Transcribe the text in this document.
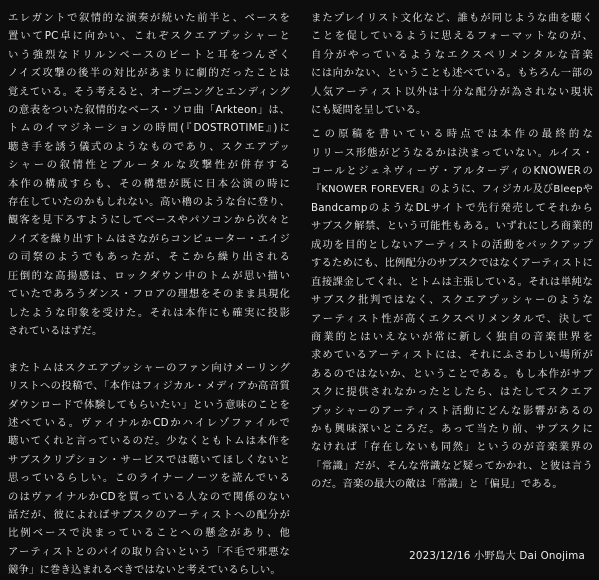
エレガントで叙情的な演奏が続いた前半と、ベースを
置いてPC卓に向かい、これぞスクエアプッシャーと
いう強烈なドリルンベースのビートと耳をつんざく
ノイズ攻撃の後半の対比があまりに劇的だったことは
覚えている。そう考えると、オープニングとエンディング
の意表をついた叙情的なベース・ソロ曲「Arkteon」は、
トムのイマジネーションの時間(『DOSTROTIME』)に
聴き手を誘う儀式のようなものであり、スクエアプッ
シャーの叙情性とブルータルな攻撃性が併存する
本作の構成すらも、その構想が既に日本公演の時に
存在していたのかもしれない。高い櫓のような台に登り、
観客を見下ろすようにしてベースやパソコンから次々と
ノイズを繰り出すトムはさながらコンピューター・エイジ
の司祭のようでもあったが、そこから繰り出される
圧倒的な高揚感は、ロックダウン中のトムが思い描い
ていたであろうダンス・フロアの理想をそのまま具現化
したような印象を受けた。それは本作にも確実に投影
されているはずだ。
またトムはスクエアプッシャーのファン向けメーリング
リストへの投稿で、「本作はフィジカル・メディアか高音質
ダウンロードで体験してもらいたい」という意味のことを
述べている。ヴァイナルかCDかハイレゾファイルで
聴いてくれと言っているのだ。少なくともトムは本作を
サブスクリプション・サービスでは聴いてほしくないと
思っているらしい。このライナーノーツを読んでいる
のはヴァイナルかCDを買っている人なので関係のない
話だが、彼によればサブスクのアーティストへの配分が
比例ベースで決まっていることへの懸念があり、他
アーティストとのパイの取り合いという「不毛で邪悪な
競争」に巻き込まれるべきではないと考えているらしい。
またプレイリスト文化など、誰もが同じような曲を聴く
ことを促しているように思えるフォーマットなのが、
自分がやっているようなエクスペリメンタルな音楽
には向かない、ということも述べている。もちろん一部の
人気アーティスト以外は十分な配分が為されない現状
にも疑問を呈している。
この原稿を書いている時点では本作の最終的な
リリース形態がどうなるかは決まっていない。ルイス・
コールとジェネヴィーヴ・アルターディのKNOWERの
『KNOWER FOREVER』のように、フィジカル及びBleepや
BandcampのようなDLサイトで先行発売してそれから
サブスク解禁、という可能性もある。いずれにしろ商業的
成功を目的としないアーティストの活動をバックアップ
するためにも、比例配分のサブスクではなくアーティストに
直接課金してくれ、とトムは主張している。それは単純な
サブスク批判ではなく、スクエアプッシャーのような
アーティスト性が高くエクスペリメンタルで、決して
商業的とはいえないが常に新しく独自の音楽世界を
求めているアーティストには、それにふさわしい場所が
あるのではないか、ということである。もし本作がサブ
スクに提供されなかったとしたら、はたしてスクエア
プッシャーのアーティスト活動にどんな影響があるの
かも興味深いところだ。あって当たり前、サブスクに
なければ「存在しないも同然」というのが音楽業界の
「常識」だが、そんな常識など疑ってかかれ、と彼は言う
のだ。音楽の最大の敵は「常識」と「偏見」である。
2023/12/16 小野島大 Dai Onojima
